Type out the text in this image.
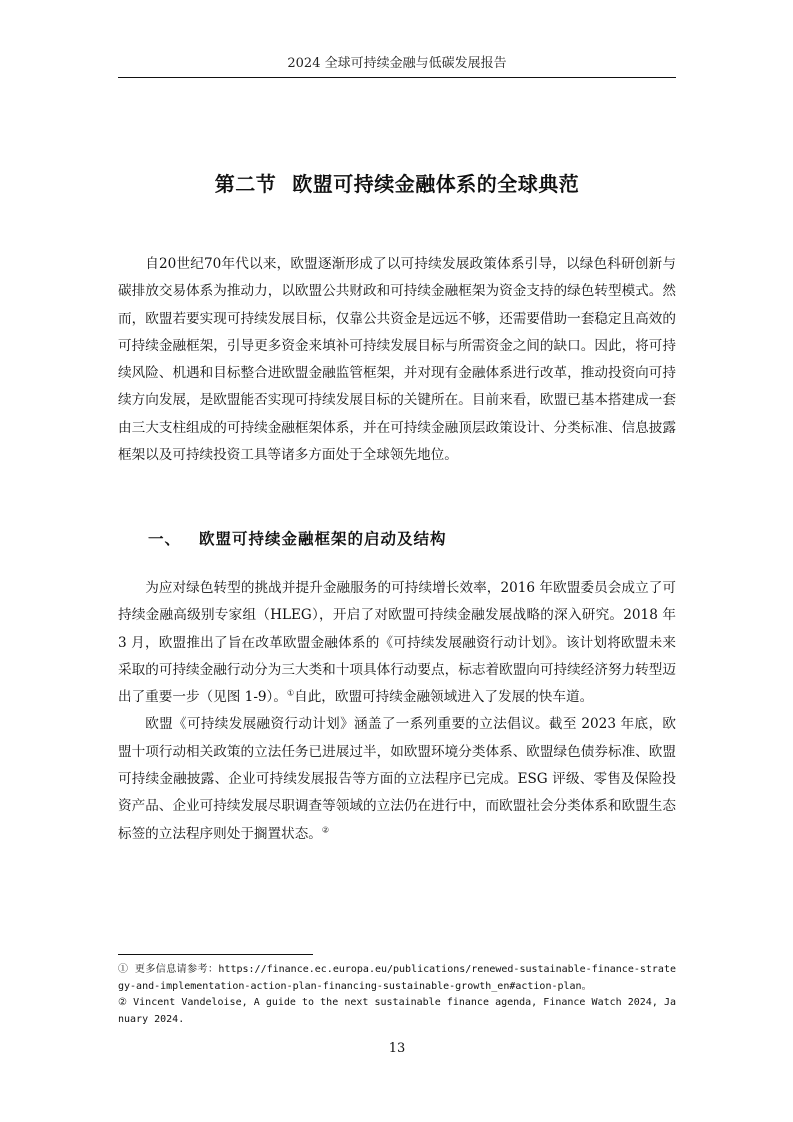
2024 全球可持续金融与低碳发展报告
第二节 欧盟可持续金融体系的全球典范

自20世纪70年代以来，欧盟逐渐形成了以可持续发展政策体系引导，以绿色科研创新与碳排放交易体系为推动力，以欧盟公共财政和可持续金融框架为资金支持的绿色转型模式。然而，欧盟若要实现可持续发展目标，仅靠公共资金是远远不够，还需要借助一套稳定且高效的可持续金融框架，引导更多资金来填补可持续发展目标与所需资金之间的缺口。因此，将可持续风险、机遇和目标整合进欧盟金融监管框架，并对现有金融体系进行改革，推动投资向可持续方向发展，是欧盟能否实现可持续发展目标的关键所在。目前来看，欧盟已基本搭建成一套由三大支柱组成的可持续金融框架体系，并在可持续金融顶层政策设计、分类标准、信息披露框架以及可持续投资工具等诸多方面处于全球领先地位。

一、 欧盟可持续金融框架的启动及结构

为应对绿色转型的挑战并提升金融服务的可持续增长效率，2016 年欧盟委员会成立了可持续金融高级别专家组（HLEG），开启了对欧盟可持续金融发展战略的深入研究。2018 年 3 月，欧盟推出了旨在改革欧盟金融体系的《可持续发展融资行动计划》。该计划将欧盟未来采取的可持续金融行动分为三大类和十项具体行动要点，标志着欧盟向可持续经济努力转型迈出了重要一步（见图 1-9）。①自此，欧盟可持续金融领域进入了发展的快车道。

欧盟《可持续发展融资行动计划》涵盖了一系列重要的立法倡议。截至 2023 年底，欧盟十项行动相关政策的立法任务已进展过半，如欧盟环境分类体系、欧盟绿色债券标准、欧盟可持续金融披露、企业可持续发展报告等方面的立法程序已完成。ESG 评级、零售及保险投资产品、企业可持续发展尽职调查等领域的立法仍在进行中，而欧盟社会分类体系和欧盟生态标签的立法程序则处于搁置状态。②

① 更多信息请参考：https://finance.ec.europa.eu/publications/renewed-sustainable-finance-strategy-and-implementation-action-plan-financing-sustainable-growth_en#action-plan。

② Vincent Vandeloise, A guide to the next sustainable finance agenda, Finance Watch 2024, January 2024.

13
